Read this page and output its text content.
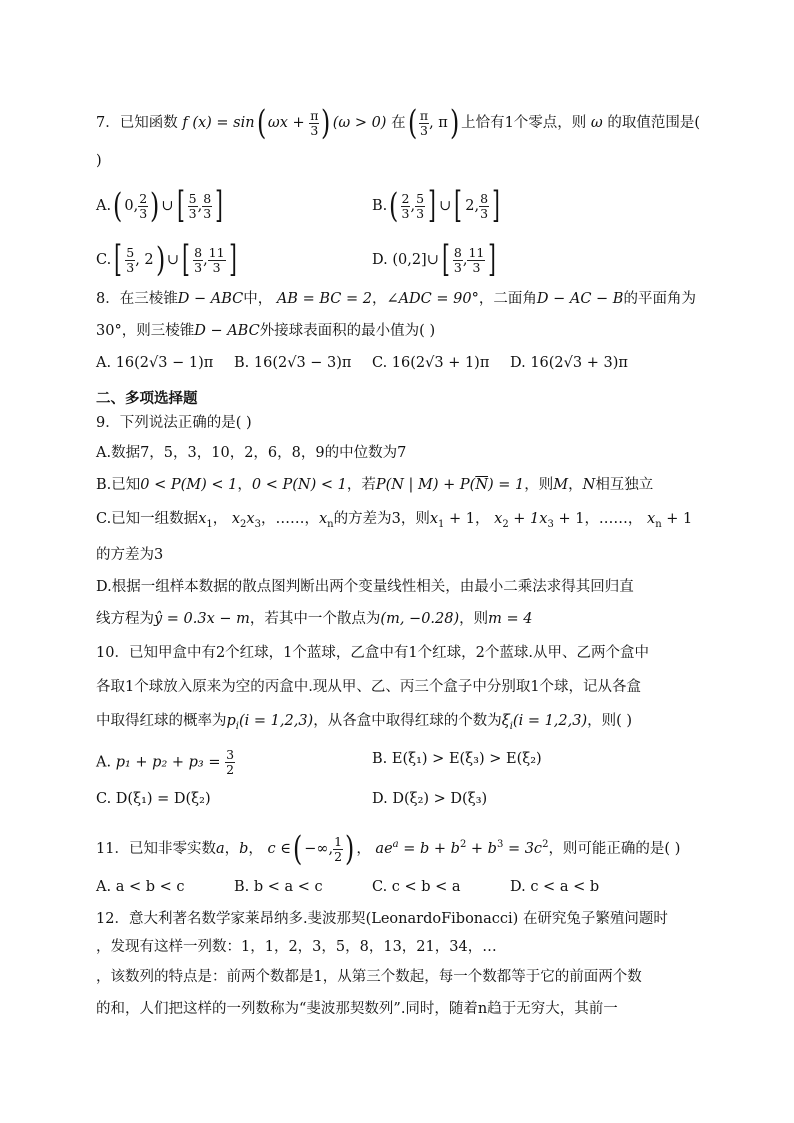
7．已知函数 f (x) = sin( $\omega x + \frac{\pi}{3}$ ) (ω > 0) 在( $\frac{\pi}{3}$ , π) 上恰有1个零点，则 ω 的取值范围是(
)
A.( 0, $\frac{2}{3}$ ) ∪[ $\frac{5}{3}$ , $\frac{8}{3}$ ]	$B.( \frac{2}{3}$ , $\frac{5}{3}$ ] ∪[ 2, $\frac{8}{3}$ ]
$C.[ \frac{5}{3}$ , 2) ∪[ $\frac{8}{3}$ , $\frac{11}{3}$ ]	D. (0,2]∪[ $\frac{8}{3}$ , $\frac{11}{3}$ ]
8．在三棱锥D − ABC中， AB = BC = 2，∠ADC = 90°，二面角D − AC − B的平面角为
30°，则三棱锥D − ABC外接球表面积的最小值为( )
A. 16(2√3 − 1)π B. 16(2√3 − 3)π C. 16(2√3 + 1)π D. 16(2√3 + 3)π
二、多项选择题
9．下列说法正确的是( )
A.数据7，5，3，10，2，6，8，9的中位数为7
B.已知0 < P(M) < 1，0 < P(N) < 1，若P(N | $M) + P(\overline{N}) = 1$，则M，N相互独立
C.已知一组数据$x_1$， $x_2x_3$，……，$x_n$的方差为3，则$x_1 + 1$， $x_2 + 1x_3 + 1$，……， $x_n + 1$
的方差为3
D.根据一组样本数据的散点图判断出两个变量线性相关，由最小二乘法求得其回归直
线方程为ŷ = 0.3x − m，若其中一个散点为(m, −0.28)，则m = 4
10．已知甲盒中有2个红球，1个蓝球，乙盒中有1个红球，2个蓝球.从甲、乙两个盒中
各取1个球放入原来为空的丙盒中.现从甲、乙、丙三个盒子中分别取1个球，记从各盒
中取得红球的概率为$p_i(i = 1,2,3)$，从各盒中取得红球的个数为$\xi_i(i = 1,2,3)$，则( )
A. $p_1 + p_2 + p_3 = \frac{3}{2}$	B. E(ξ₁) > E(ξ₃) > E(ξ₂)
C. D(ξ₁) = D(ξ₂)	D. D(ξ₂) > D(ξ₃)
11．已知非零实数a，b， c ∈( −∞, $\frac{1}{2}$ ) ， $ae^a = b + b^2 + b^3 = 3c^2$，则可能正确的是( )
A. a < b < c	B. b < a < c	C. c < b < a	D. c < a < b
12．意大利著名数学家莱昂纳多.斐波那契(LeonardoFibonacci) 在研究兔子繁殖问题时
，发现有这样一列数：1，1，2，3，5，8，13，21，34，…
，该数列的特点是：前两个数都是1，从第三个数起，每一个数都等于它的前面两个数
的和，人们把这样的一列数称为“斐波那契数列”.同时，随着n趋于无穷大，其前一
